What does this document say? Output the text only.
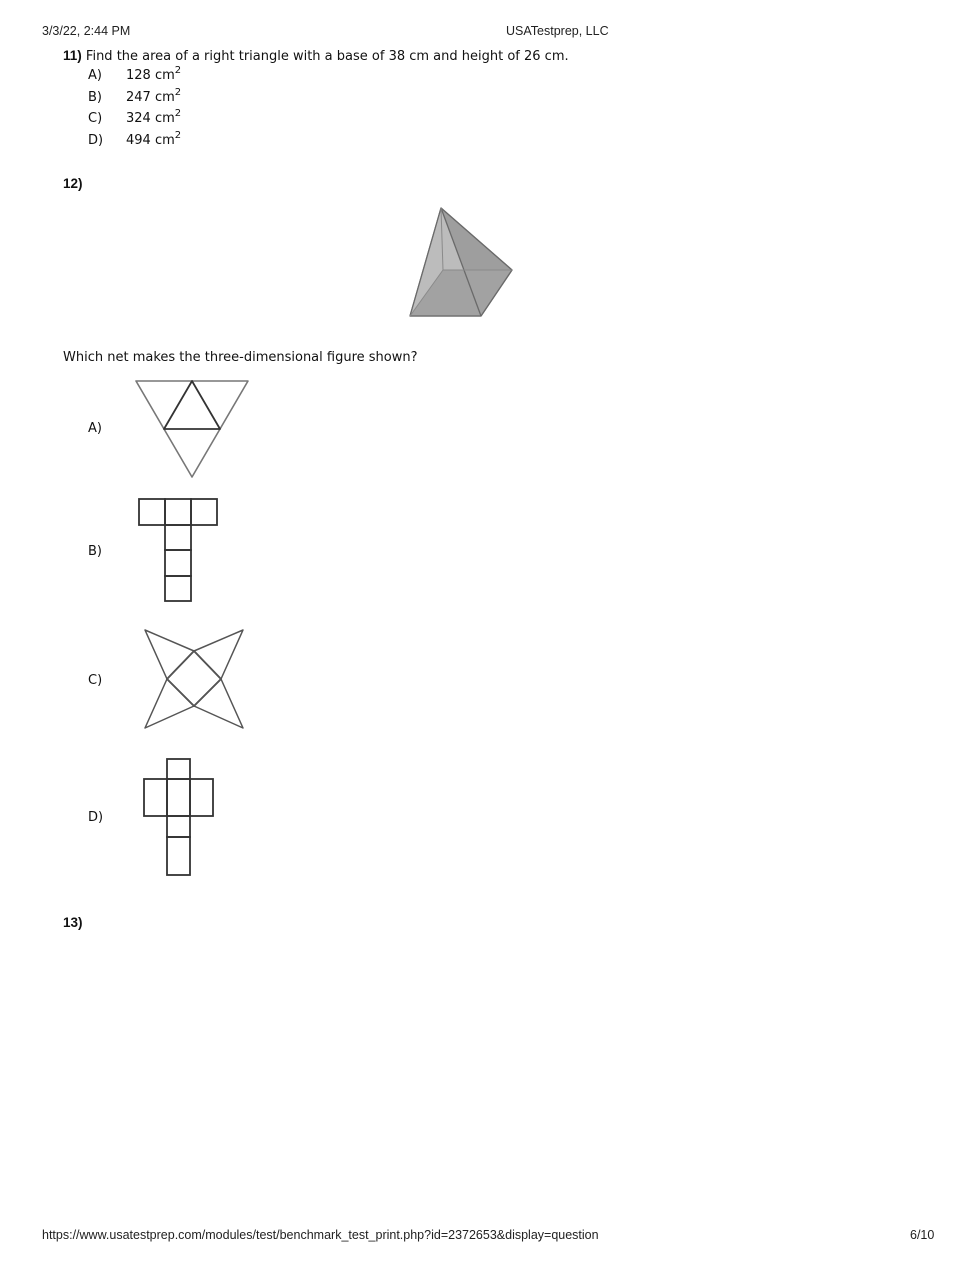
3/3/22, 2:44 PM	USATestprep, LLC
11) Find the area of a right triangle with a base of 38 cm and height of 26 cm.
A) 128 $cm^2$
B) 247 $cm^2$
C) 324 $cm^2$
D) 494 $cm^2$
12)
Which net makes the three-dimensional figure shown?
A)
B)
C)
D)
13)
https://www.usatestprep.com/modules/test/benchmark_test_print.php?id=2372653&display=question	6/10
